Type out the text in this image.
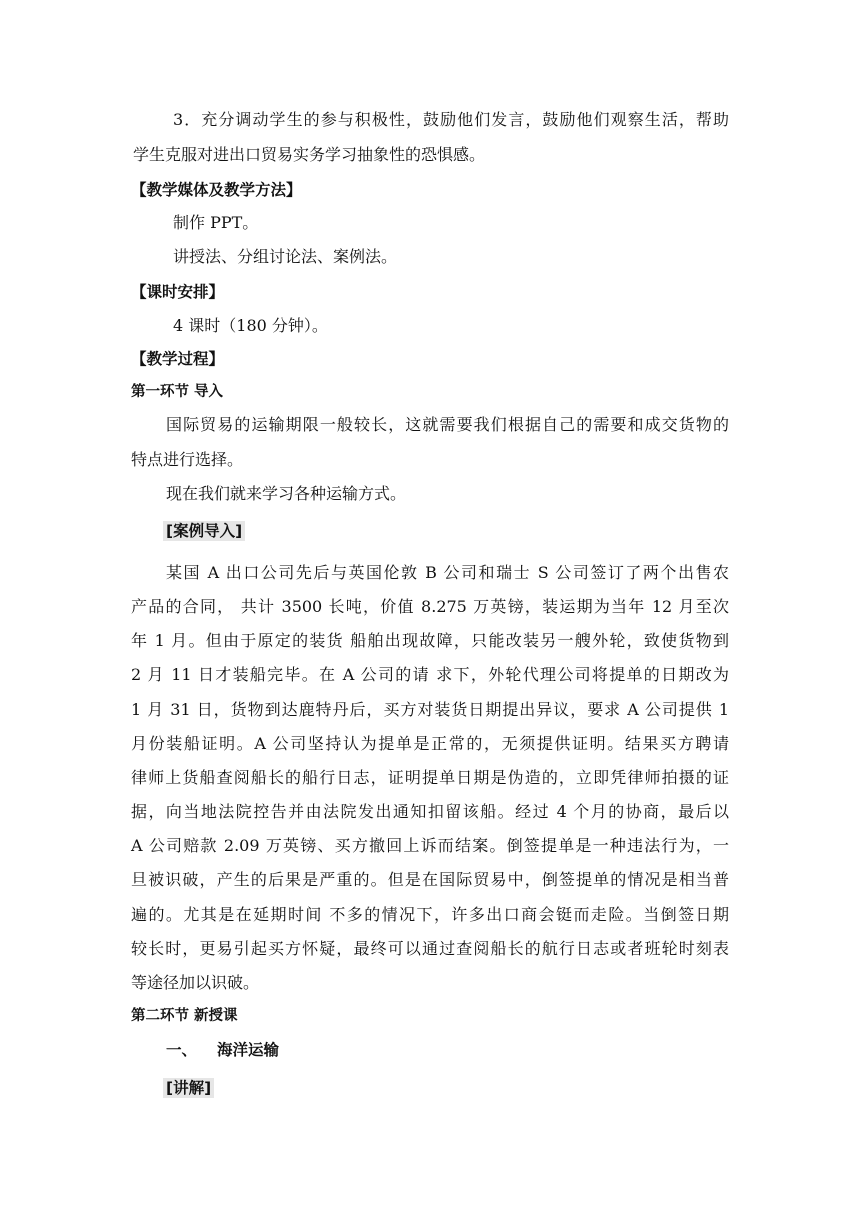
3．充分调动学生的参与积极性，鼓励他们发言，鼓励他们观察生活，帮助
学生克服对进出口贸易实务学习抽象性的恐惧感。
【教学媒体及教学方法】
制作 PPT。
讲授法、分组讨论法、案例法。
【课时安排】
4 课时（180 分钟）。
【教学过程】
第一环节 导入
国际贸易的运输期限一般较长，这就需要我们根据自己的需要和成交货物的
特点进行选择。
现在我们就来学习各种运输方式。
[案例导入]
某国 A 出口公司先后与英国伦敦 B 公司和瑞士 S 公司签订了两个出售农
产品的合同， 共计 3500 长吨，价值 8.275 万英镑，装运期为当年 12 月至次
年 1 月。但由于原定的装货 船舶出现故障，只能改装另一艘外轮，致使货物到
2 月 11 日才装船完毕。在 A 公司的请 求下，外轮代理公司将提单的日期改为
1 月 31 日，货物到达鹿特丹后，买方对装货日期提出异议，要求 A 公司提供 1
月份装船证明。A 公司坚持认为提单是正常的，无须提供证明。结果买方聘请
律师上货船查阅船长的船行日志，证明提单日期是伪造的，立即凭律师拍摄的证
据，向当地法院控告并由法院发出通知扣留该船。经过 4 个月的协商，最后以
A 公司赔款 2.09 万英镑、买方撤回上诉而结案。倒签提单是一种违法行为，一
旦被识破，产生的后果是严重的。但是在国际贸易中，倒签提单的情况是相当普
遍的。尤其是在延期时间 不多的情况下，许多出口商会铤而走险。当倒签日期
较长时，更易引起买方怀疑，最终可以通过查阅船长的航行日志或者班轮时刻表
等途径加以识破。
第二环节 新授课
一、 海洋运输
[讲解]
